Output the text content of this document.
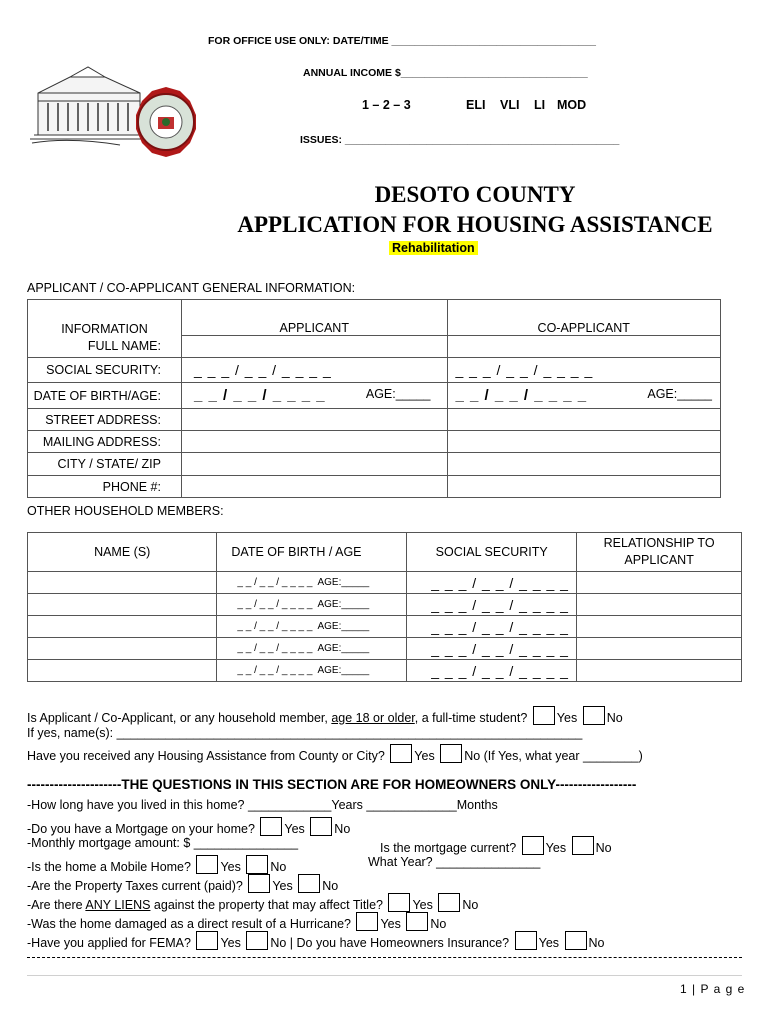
FOR OFFICE USE ONLY: DATE/TIME ___________________________________
ANNUAL INCOME $________________________________
1 – 2 – 3	ELI VLI LI MOD
ISSUES: _______________________________________________
DESOTO COUNTY
APPLICATION FOR HOUSING ASSISTANCE
Rehabilitation
APPLICANT / CO-APPLICANT GENERAL INFORMATION:
INFORMATION	APPLICANT	CO-APPLICANT
FULL NAME:		
SOCIAL SECURITY:	_ _ _ / _ _ / _ _ _ _	_ _ _ / _ _ / _ _ _ _
DATE OF BIRTH/AGE:	_ _ / _ _ / _ _ _ _ AGE:_____	_ _ / _ _ / _ _ _ _ AGE:_____

STREET ADDRESS:		
MAILING ADDRESS:		
CITY / STATE/ ZIP		
PHONE #:		
OTHER HOUSEHOLD MEMBERS:
NAME (S)	DATE OF BIRTH / AGE	SOCIAL SECURITY	RELATIONSHIP TO
APPLICANT

	_ _ / _ _ / _ _ _ _ AGE:_____	_ _ _ / _ _ / _ _ _ _	
	_ _ / _ _ / _ _ _ _ AGE:_____	_ _ _ / _ _ / _ _ _ _	
	_ _ / _ _ / _ _ _ _ AGE:_____	_ _ _ / _ _ / _ _ _ _	
	_ _ / _ _ / _ _ _ _ AGE:_____	_ _ _ / _ _ / _ _ _ _	
	_ _ / _ _ / _ _ _ _ AGE:_____	_ _ _ / _ _ / _ _ _ _	
Is Applicant / Co-Applicant, or any household member, age 18 or older, a full-time student? Yes No
If yes, name(s): ___________________________________________________________________
Have you received any Housing Assistance from County or City? Yes No (If Yes, what year ________)
---------------------THE QUESTIONS IN THIS SECTION ARE FOR HOMEOWNERS ONLY------------------
-How long have you lived in this home? ____________Years _____________Months
-Do you have a Mortgage on your home? Yes No
-Monthly mortgage amount: $ _______________	Is the mortgage current? Yes No
-Is the home a Mobile Home? Yes No	What Year? _______________
-Are the Property Taxes current (paid)? Yes No
-Are there ANY LIENS against the property that may affect Title? Yes No
-Was the home damaged as a direct result of a Hurricane? Yes No
-Have you applied for FEMA? Yes No | Do you have Homeowners Insurance? Yes No
1 | P a g e
